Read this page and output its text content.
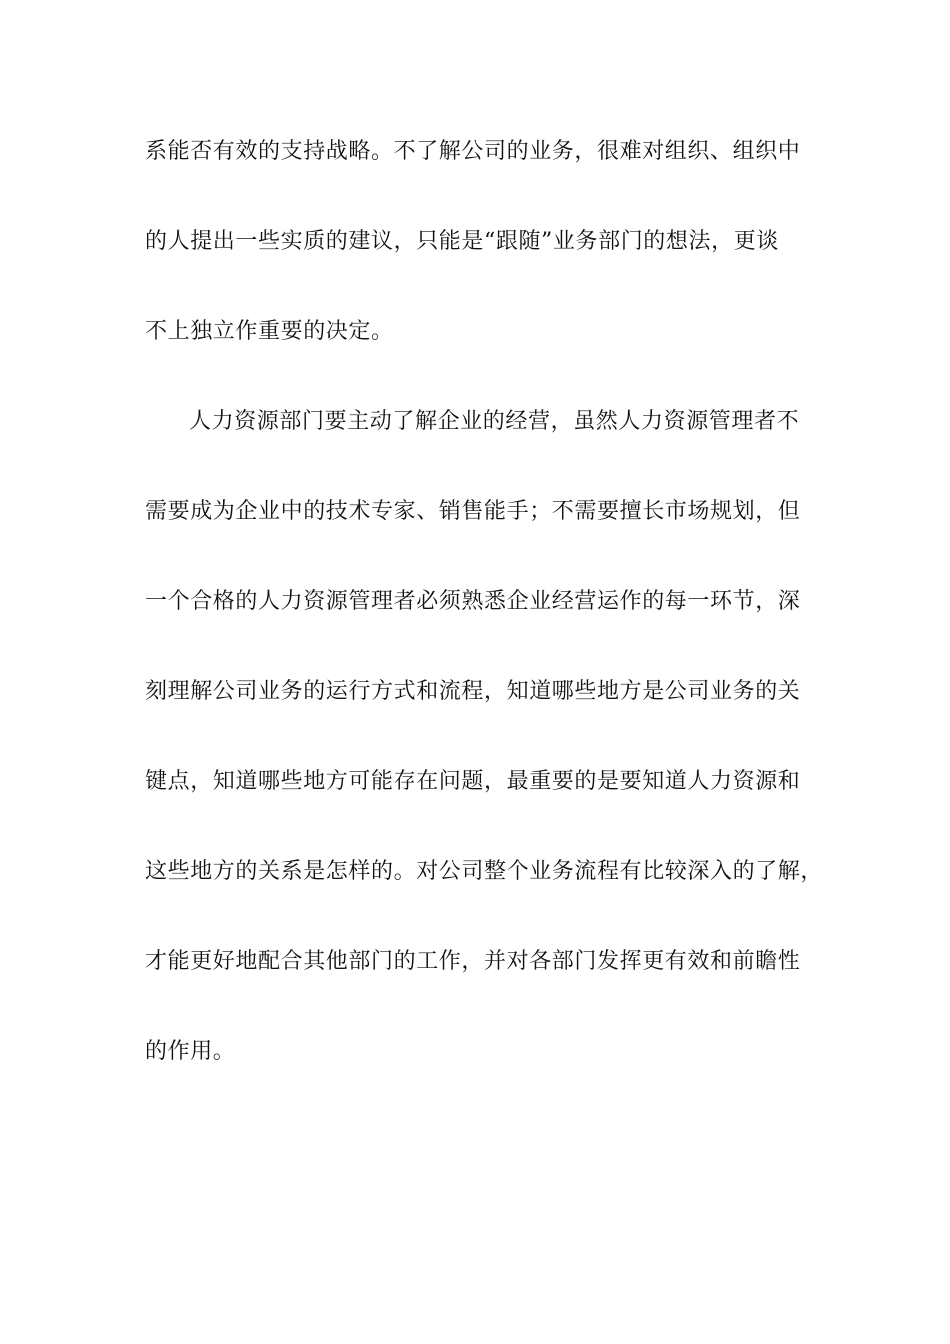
系能否有效的支持战略。不了解公司的业务，很难对组织、组织中
的人提出一些实质的建议，只能是“跟随”业务部门的想法，更谈
不上独立作重要的决定。
人力资源部门要主动了解企业的经营，虽然人力资源管理者不
需要成为企业中的技术专家、销售能手；不需要擅长市场规划，但
一个合格的人力资源管理者必须熟悉企业经营运作的每一环节，深
刻理解公司业务的运行方式和流程，知道哪些地方是公司业务的关
键点，知道哪些地方可能存在问题，最重要的是要知道人力资源和
这些地方的关系是怎样的。对公司整个业务流程有比较深入的了解，
才能更好地配合其他部门的工作，并对各部门发挥更有效和前瞻性
的作用。
